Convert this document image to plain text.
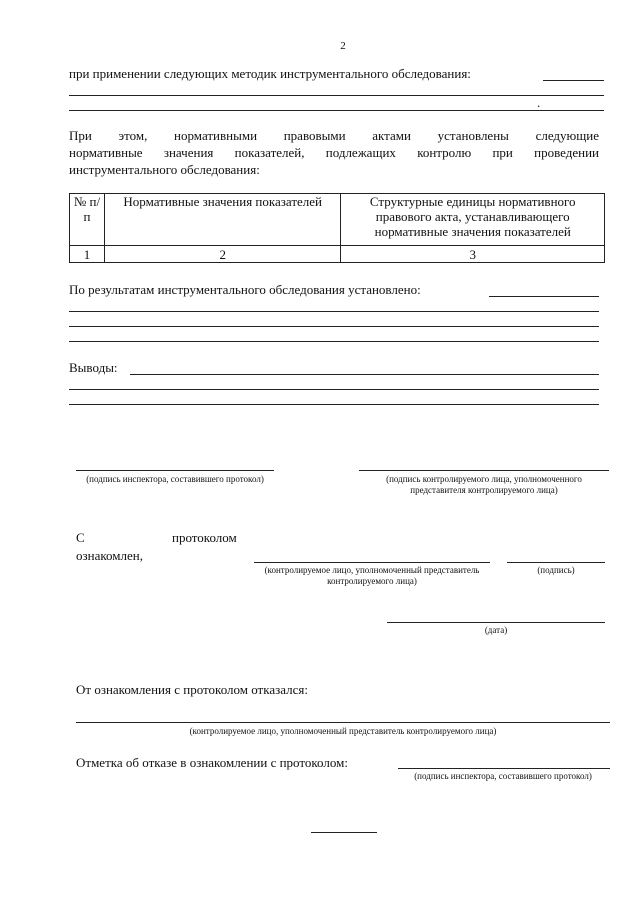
2
при применении следующих методик инструментального обследования:
.
При этом, нормативными правовыми актами установлены следующие
нормативные значения показателей, подлежащих контролю при проведении
инструментального обследования:
№ п/п	Нормативные значения показателей	Структурные единицы нормативного правового акта, устанавливающего нормативные значения показателей
1	2	3
По результатам инструментального обследования установлено:
Выводы:
(подпись инспектора, составившего протокол)	(подпись контролируемого лица, уполномоченного представителя контролируемого лица)
С	протоколом
ознакомлен,
(контролируемое лицо, уполномоченный представитель контролируемого лица)
(подпись)
(дата)
От ознакомления с протоколом отказался:
(контролируемое лицо, уполномоченный представитель контролируемого лица)
Отметка об отказе в ознакомлении с протоколом:
(подпись инспектора, составившего протокол)
